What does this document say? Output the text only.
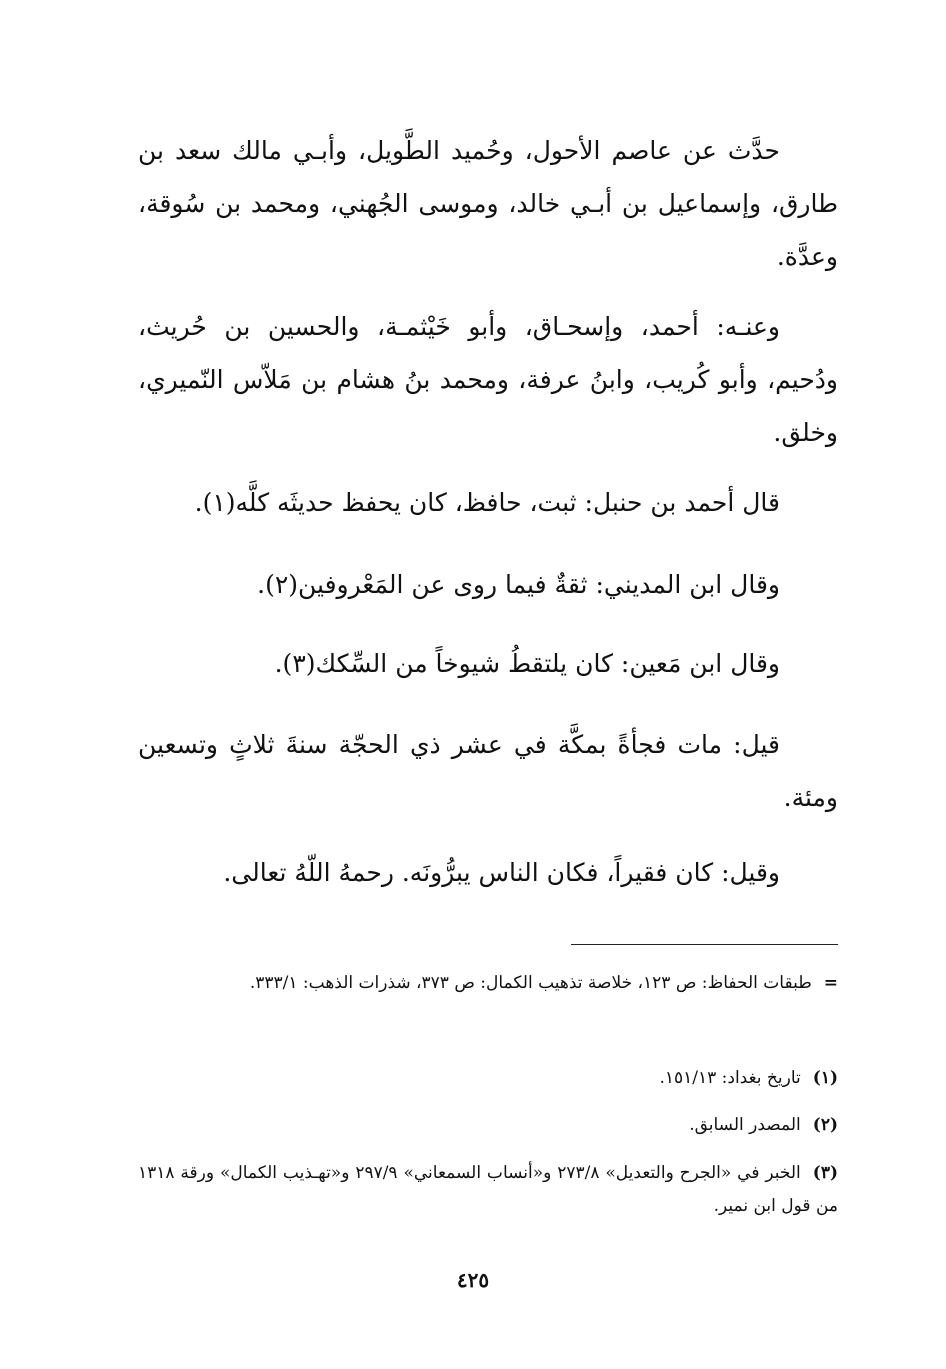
حدَّث عن عاصم الأحول، وحُميد الطَّويل، وأبـي مالك سعد بن طارق، وإسماعيل بن أبـي خالد، وموسى الجُهني، ومحمد بن سُوقة، وعدَّة.

وعنـه: أحمد، وإسحـاق، وأبو خَيْثمـة، والحسين بن حُريث، ودُحيم، وأبو كُريب، وابنُ عرفة، ومحمد بنُ هشام بن مَلاّس النّميري، وخلق.

قال أحمد بن حنبل: ثبت، حافظ، كان يحفظ حديثَه كلَّه(١).

وقال ابن المديني: ثقةٌ فيما روى عن المَعْروفين(٢).

وقال ابن مَعين: كان يلتقطُ شيوخاً من السِّكك(٣).

قيل: مات فجأةً بمكَّة في عشر ذي الحجّة سنةَ ثلاثٍ وتسعين ومئة.

وقيل: كان فقيراً، فكان الناس يبرُّونَه. رحمهُ اللّهُ تعالى.

=طبقات الحفاظ: ص ١٢٣، خلاصة تذهيب الكمال: ص ٣٧٣، شذرات الذهب: ٣٣٣/١.
(١)تاريخ بغداد: ١٥١/١٣.
(٢)المصدر السابق.
(٣)الخبر في «الجرح والتعديل» ٢٧٣/٨ و«أنساب السمعاني» ٢٩٧/٩ و«تهـذيب الكمال» ورقة ١٣١٨ من قول ابن نمير.
٤٢٥
